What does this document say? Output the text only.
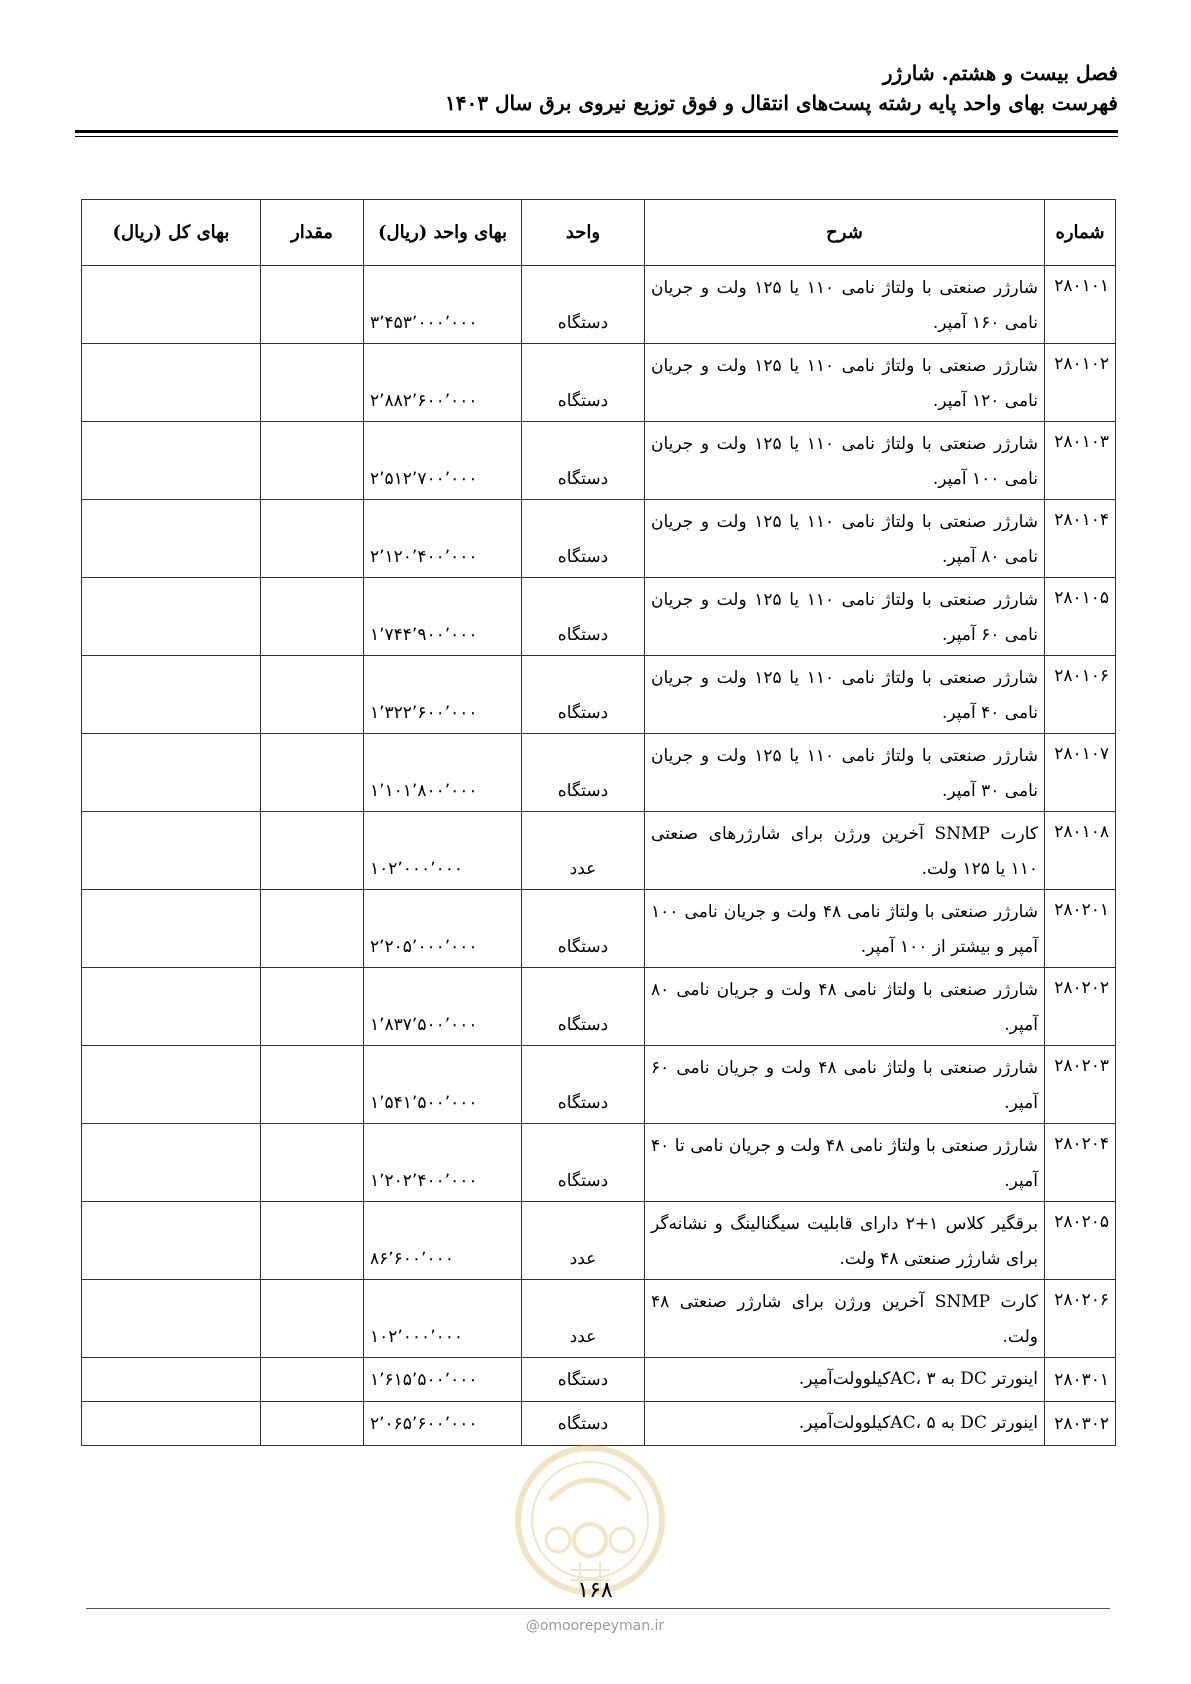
فصل بیست و هشتم. شارژر
فهرست بهای واحد پایه رشته پست‌های انتقال و فوق توزیع نیروی برق سال ۱۴۰۳
شماره	شرح	واحد	بهای واحد (ریال)	مقدار	بهای کل (ریال)
۲۸۰۱۰۱	شارژر صنعتی با ولتاژ نامی ۱۱۰ یا ۱۲۵ ولت و جریان نامی ۱۶۰ آمپر.	دستگاه	۳٬۴۵۳٬۰۰۰٬۰۰۰		
۲۸۰۱۰۲	شارژر صنعتی با ولتاژ نامی ۱۱۰ یا ۱۲۵ ولت و جریان نامی ۱۲۰ آمپر.	دستگاه	۲٬۸۸۲٬۶۰۰٬۰۰۰		
۲۸۰۱۰۳	شارژر صنعتی با ولتاژ نامی ۱۱۰ یا ۱۲۵ ولت و جریان نامی ۱۰۰ آمپر.	دستگاه	۲٬۵۱۲٬۷۰۰٬۰۰۰		
۲۸۰۱۰۴	شارژر صنعتی با ولتاژ نامی ۱۱۰ یا ۱۲۵ ولت و جریان نامی ۸۰ آمپر.	دستگاه	۲٬۱۲۰٬۴۰۰٬۰۰۰		
۲۸۰۱۰۵	شارژر صنعتی با ولتاژ نامی ۱۱۰ یا ۱۲۵ ولت و جریان نامی ۶۰ آمپر.	دستگاه	۱٬۷۴۴٬۹۰۰٬۰۰۰		
۲۸۰۱۰۶	شارژر صنعتی با ولتاژ نامی ۱۱۰ یا ۱۲۵ ولت و جریان نامی ۴۰ آمپر.	دستگاه	۱٬۳۲۲٬۶۰۰٬۰۰۰		
۲۸۰۱۰۷	شارژر صنعتی با ولتاژ نامی ۱۱۰ یا ۱۲۵ ولت و جریان نامی ۳۰ آمپر.	دستگاه	۱٬۱۰۱٬۸۰۰٬۰۰۰		
۲۸۰۱۰۸	کارت SNMP آخرین ورژن برای شارژرهای صنعتی ۱۱۰ یا ۱۲۵ ولت.	عدد	۱۰۲٬۰۰۰٬۰۰۰		
۲۸۰۲۰۱	شارژر صنعتی با ولتاژ نامی ۴۸ ولت و جریان نامی ۱۰۰ آمپر و بیشتر از ۱۰۰ آمپر.	دستگاه	۲٬۲۰۵٬۰۰۰٬۰۰۰		
۲۸۰۲۰۲	شارژر صنعتی با ولتاژ نامی ۴۸ ولت و جریان نامی ۸۰ آمپر.	دستگاه	۱٬۸۳۷٬۵۰۰٬۰۰۰		
۲۸۰۲۰۳	شارژر صنعتی با ولتاژ نامی ۴۸ ولت و جریان نامی ۶۰ آمپر.	دستگاه	۱٬۵۴۱٬۵۰۰٬۰۰۰		
۲۸۰۲۰۴	شارژر صنعتی با ولتاژ نامی ۴۸ ولت و جریان نامی تا ۴۰ آمپر.	دستگاه	۱٬۲۰۲٬۴۰۰٬۰۰۰		
۲۸۰۲۰۵	برقگیر کلاس ۱+۲ دارای قابلیت سیگنالینگ و نشانه‌گر برای شارژر صنعتی ۴۸ ولت.	عدد	۸۶٬۶۰۰٬۰۰۰		
۲۸۰۲۰۶	کارت SNMP آخرین ورژن برای شارژر صنعتی ۴۸ ولت.	عدد	۱۰۲٬۰۰۰٬۰۰۰		
۲۸۰۳۰۱	اینورتر DC به AC، ۳کیلوولت‌آمپر.	دستگاه	۱٬۶۱۵٬۵۰۰٬۰۰۰		
۲۸۰۳۰۲	اینورتر DC به AC، ۵کیلوولت‌آمپر.	دستگاه	۲٬۰۶۵٬۶۰۰٬۰۰۰		
۱۶۸
@omoorepeyman.ir
